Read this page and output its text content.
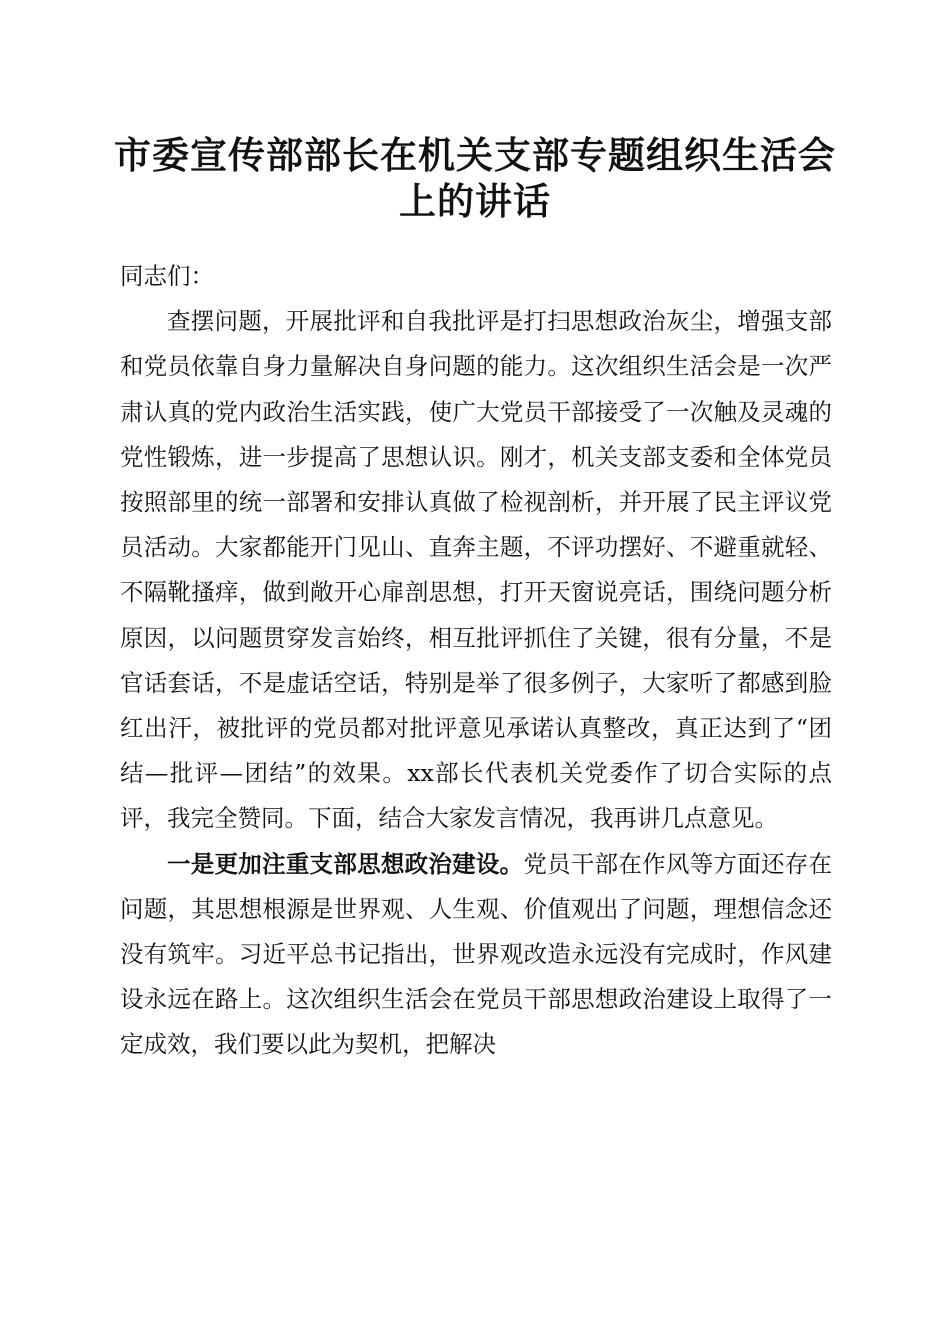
市委宣传部部长在机关支部专题组织生活会上的讲话

同志们：

查摆问题，开展批评和自我批评是打扫思想政治灰尘，增强支部和党员依靠自身力量解决自身问题的能力。这次组织生活会是一次严肃认真的党内政治生活实践，使广大党员干部接受了一次触及灵魂的党性锻炼，进一步提高了思想认识。刚才，机关支部支委和全体党员按照部里的统一部署和安排认真做了检视剖析，并开展了民主评议党员活动。大家都能开门见山、直奔主题，不评功摆好、不避重就轻、不隔靴搔痒，做到敞开心扉剖思想，打开天窗说亮话，围绕问题分析原因，以问题贯穿发言始终，相互批评抓住了关键，很有分量，不是官话套话，不是虚话空话，特别是举了很多例子，大家听了都感到脸红出汗，被批评的党员都对批评意见承诺认真整改，真正达到了“团结—批评—团结”的效果。xx部长代表机关党委作了切合实际的点评，我完全赞同。下面，结合大家发言情况，我再讲几点意见。

一是更加注重支部思想政治建设。党员干部在作风等方面还存在问题，其思想根源是世界观、人生观、价值观出了问题，理想信念还没有筑牢。习近平总书记指出，世界观改造永远没有完成时，作风建设永远在路上。这次组织生活会在党员干部思想政治建设上取得了一定成效，我们要以此为契机，把解决
